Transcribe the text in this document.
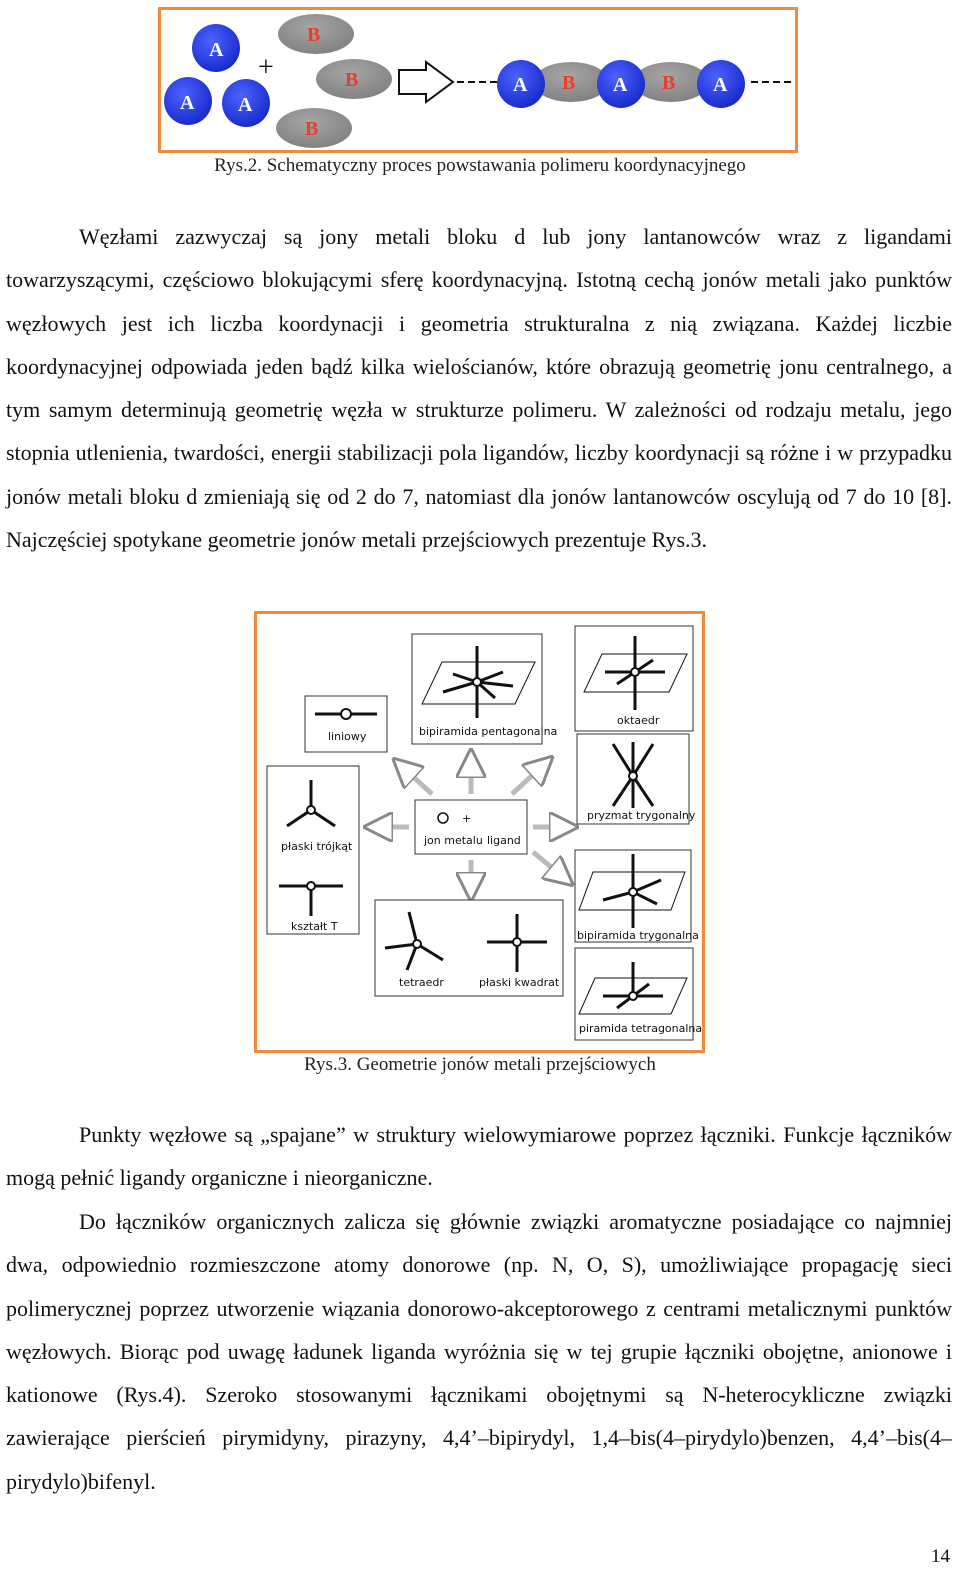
A
A A
+
B
B
B
A B A B A
Rys.2. Schematyczny proces powstawania polimeru koordynacyjnego

Węzłami zazwyczaj są jony metali bloku d lub jony lantanowców wraz z ligandami towarzyszącymi, częściowo blokującymi sferę koordynacyjną. Istotną cechą jonów metali jako punktów węzłowych jest ich liczba koordynacji i geometria strukturalna z nią związana. Każdej liczbie koordynacyjnej odpowiada jeden bądź kilka wielościanów, które obrazują geometrię jonu centralnego, a tym samym determinują geometrię węzła w strukturze polimeru. W zależności od rodzaju metalu, jego stopnia utlenienia, twardości, energii stabilizacji pola ligandów, liczby koordynacji są różne i w przypadku jonów metali bloku d zmieniają się od 2 do 7, natomiast dla jonów lantanowców oscylują od 7 do 10 [8]. Najczęściej spotykane geometrie jonów metali przejściowych prezentuje Rys.3.

liniowy	bipiramida pentagonalna
oktaedr
pryzmat trygonalny
płaski trójkąt
kształt T
+
jon metalu ligand
tetraedr	płaski kwadrat
bipiramida trygonalna
piramida tetragonalna
Rys.3. Geometrie jonów metali przejściowych

Punkty węzłowe są „spajane” w struktury wielowymiarowe poprzez łączniki. Funkcje łączników mogą pełnić ligandy organiczne i nieorganiczne.

Do łączników organicznych zalicza się głównie związki aromatyczne posiadające co najmniej dwa, odpowiednio rozmieszczone atomy donorowe (np. N, O, S), umożliwiające propagację sieci polimerycznej poprzez utworzenie wiązania donorowo-akceptorowego z centrami metalicznymi punktów węzłowych. Biorąc pod uwagę ładunek liganda wyróżnia się w tej grupie łączniki obojętne, anionowe i kationowe (Rys.4). Szeroko stosowanymi łącznikami obojętnymi są N-heterocykliczne związki zawierające pierścień pirymidyny, pirazyny, 4,4’–bipirydyl, 1,4–bis(4–pirydylo)benzen, 4,4’–bis(4–pirydylo)bifenyl.

14
